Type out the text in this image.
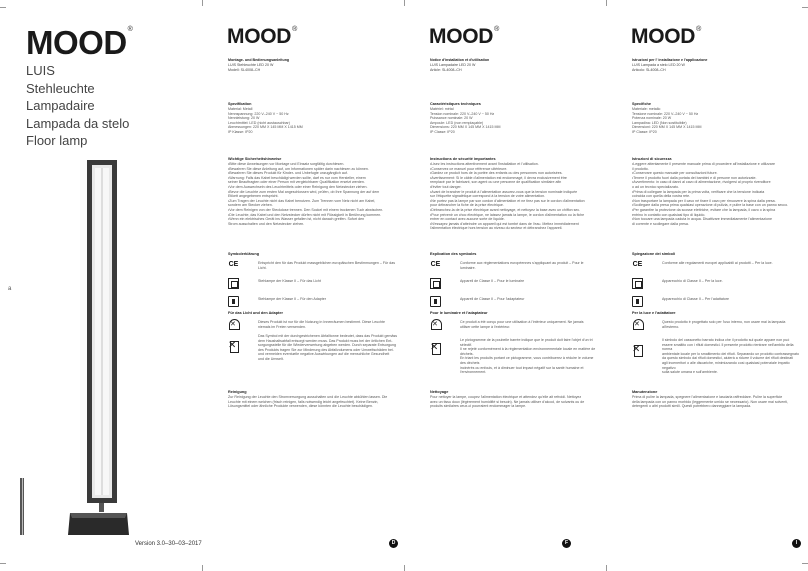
MOOD®
LUIS
Stehleuchte
Lampadaire
Lampada da stelo
Floor lamp
a
Version 3.0–30–03–2017
MOOD®
Montage- und Bedienungsanleitung
LUIS Stehleuchte LED 20 W
Modell: SL4008–CH
Spezifikation
Material: Metall
Nennspannung: 220 V–240 V ~ 50 Hz
Nennleistung: 20 W
Leuchtmittel: LED (nicht austauschbar)
Abmessungen: 220 MM X 145 MM X 1415 MM
IP Klasse: IP20
Wichtige Sicherheitshinweise
•Bitte diese Anweisungen vor Montage und Einsatz sorgfältig durchlesen.
•Bewahren Sie diese Anleitung auf, um Informationen später darin nachlesen zu können.
•Bewahren Sie dieses Produkt für Kinder- und Unbefugte unzugänglich auf.
•Warnung: Falls das Kabel beschädigt werden sollte, darf es nur vom Hersteller, einem
seiner Beauftragten oder einer Person mit vergleichbarer Qualifikation ersetzt werden.
•Vor dem Auswechseln des Leuchtmittels oder einer Reinigung den Netzstecker ziehen.
•Bevor die Leuchte zum ersten Mal angeschlossen wird, prüfen, ob Ihre Spannung der auf dem
Etikett angegebenen entspricht.
•Zum Tragen der Leuchte nicht das Kabel benutzen. Zum Trennen vom Netz nicht am Kabel,
sondern am Stecker ziehen.
•Vor dem Reinigen von der Steckdose trennen. Den Sockel mit einem trockenen Tuch abwischen.
•Die Leuchte, das Kabel und den Netzstecker dürfen nicht mit Flüssigkeit in Berührung kommen.
•Wenn ein elektrisches Gerät ins Wasser gefallen ist, nicht danach greifen. Sofort den
Strom ausschalten und den Netzstecker ziehen.
Symbolerklärung
CE	Entspricht den für das Produkt massgeblichen europäischen Bestimmungen – Für das Licht.
Stehlampe der Klasse II – Für das Licht
Stehlampe der Klasse II – Für den Adapter
Für das Licht und den Adapter
✕
Dieses Produkt ist nur für die Nutzung in Innenräumen bestimmt. Diese Leuchte
niemals im Freien verwenden.
✕
Das Symbol mit der durchgestrichenen Abfalltonne bedeutet, dass das Produkt gemäss
dem Haushaltsabfall entsorgt werden muss. Das Produkt muss bei der örtlichen Ent-
sorgungsstelle für die Wiederverwertung abgeben werden. Durch separate Entsorgung
des Produkts tragen Sie zur Minderung des Abfallvolumens oder Umweltschäden bei.
und vermeiden eventuelle negative Auswirkungen auf die menschliche Gesundheit
und die Umwelt.
Reinigung
Zur Reinigung der Leuchte den Stromversorgung ausschalten und die Leuchte abkühlen lassen. Die
Leuchte mit einem weichen (frisch reinigen, falls notwendig leicht angefeuchtet). Keine Benzin,
Lösungsmittel oder ähnliche Produkte verwenden, diese könnten die Leuchte beschädigen.
D
MOOD®
Notice d'installation et d'utilisation
LUIS Lampadaire LED 20 W
Article: SL4008–CH
Caractéristiques techniques
Matériel: métal
Tension nominale: 220 V–240 V ~ 50 Hz
Puissance nominale: 20 W
Ampoule: LED (non remplaçable)
Dimensions: 220 MM X 145 MM X 1415 MM
IP Classe: IP20
Instructions de sécurité importantes
•Lisez les instructions attentivement avant l'installation et l'utilisation.
•Conservez ce manuel pour référence ultérieure.
•Gardez ce produit hors de la portée des enfants ou des personnes non autorisées.
•Avertissement: Si le câble d'alimentation est endommagé, il devra exclusivement être
remplacé par le fabricant, son agent ou une personne de qualification similaire afin
d'éviter tout danger.
•Avant de brancher le produit à l'alimentation assurez-vous que la tension nominale indiquée
sur l'étiquette signalétique correspond à la tension de votre alimentation.
•Ne portez pas la lampe par son cordon d'alimentation et ne tirez pas sur le cordon d'alimentation
pour débrancher la fiche de la prise électrique.
•Débranchez-la de la prise électrique avant nettoyage, et nettoyez la base avec un chiffon sec.
•Pour prévenir un choc électrique, ne laissez jamais la lampe, le cordon d'alimentation ou la fiche
entrer en contact avec aucune sorte de liquide.
•N'essayez jamais d'atteindre un appareil qui est tombé dans de l'eau. Mettez immédiatement
l'alimentation électrique hors tension au niveau du secteur et débranchez l'appareil.
Explication des symboles
CE	Conforme aux réglementations européennes s'appliquant au produit – Pour le luminaire.
Appareil de Classe II – Pour le luminaire
Appareil de Classe II – Pour l'adaptateur
Pour le luminaire et l'adaptateur
✕
Ce produit a été conçu pour une utilisation à l'intérieur uniquement. Ne jamais
utiliser cette lampe à l'extérieur.
✕
Le pictogramme de la poubelle barrée indique que le produit doit faire l'objet d'un tri sélectif.
Il ne rejeté conformément à la réglementation environnementale locale en matière de déchets.
En triant les produits portant ce pictogramme, vous contribuerez à réduire le volume des déchets
incinérés ou enfouis, et à diminuer tout impact négatif sur la santé humaine et l'environnement.
Nettoyage
Pour nettoyer la lampe, coupez l'alimentation électrique et attendez qu'elle ait refroidi. Nettoyez
avec un tissu doux (légèrement humidifié si besoin). Ne jamais utiliser d'alcool, de solvants ou de
produits similaires ceux-ci pourraient endommager la lampe.
F
MOOD®
Istruzioni per l' installazione e l'applicazione
LUIS Lampada a stelo LED 20 W
Articolo: SL4008–CH
Specifiche
Materiale: metallo
Tensione nominale: 220 V–240 V ~ 50 Hz
Potenza nominale: 20 W
Lampadina: LED (Non sostituibile)
Dimensioni: 220 MM X 145 MM X 1415 MM
IP Classe: IP20
Istruzioni di sicurezza
•Leggere attentamente il presente manuale prima di procedere all'installazione e utilizzare
il prodotto.
•Conservare questo manuale per consultazioni future.
•Tenere il prodotto fuori dalla portata dei bambini e di persone non autorizzate.
•Avvertimento: in caso di danni al cavo di alimentazione, rivolgersi al proprio rivenditore
o ad un tecnico specializzato.
•Prima di collegare la lampada per la prima volta, verificare che la tensione indicata
coincida con quella della vostra rete.
•Non trasportare la lampada per il cavo né tirare il cavo per rimuovere la spina dalla presa.
•Scollegare dalla presa prima qualsiasi operazione di pulizia, e pulire la base con un panno secco.
•Per garantire la protezione da scosse elettriche, evitare che la lampada, il cavo o la spina
entrino in contatto con qualsiasi tipo di liquido.
•Non toccare una lampada caduta in acqua. Disattivare immediatamente l'alimentazione
di corrente e scollegare dalla presa.
Spiegazione dei simboli
CE	Conforme alle regolamenti europei applicabili ai prodotti – Per la luce.
Apparecchio di Classe II – Per la luce.
Apparecchio di Classe II – Per l'adattatore
Per la luce e l'adattatore
✕
Questo prodotto è progettato solo per l'uso interno, non usare mai la lampada
all'esterno.
✕
Il simbolo del cassonetto barrato indica che il prodotto sul quale appare non può
essere smaltito con i rifiuti domestici. Il presente prodotto rientrare nell'ambito della norma
ambientale locale per lo smaltimento dei rifiuti. Separando un prodotto contrassegnato
da questo simbolo dai rifiuti domestici, aiuterà a ridurre il volume dei rifiuti destinati
agli inceneritori o alle discariche, minimizzando così qualsiasi potenziale impatto negativo
sulla salute umana e sull'ambiente.
Manutenzione
Prima di pulire la lampada, spegnere l'alimentazione e lasciarla raffreddare. Pulire la superficie
della lampada con un panno morbido (leggermente umido se necessario). Non usare mai solventi,
detergenti o altri prodotti simili. Questi potrebbero danneggiare la lampada.
I
